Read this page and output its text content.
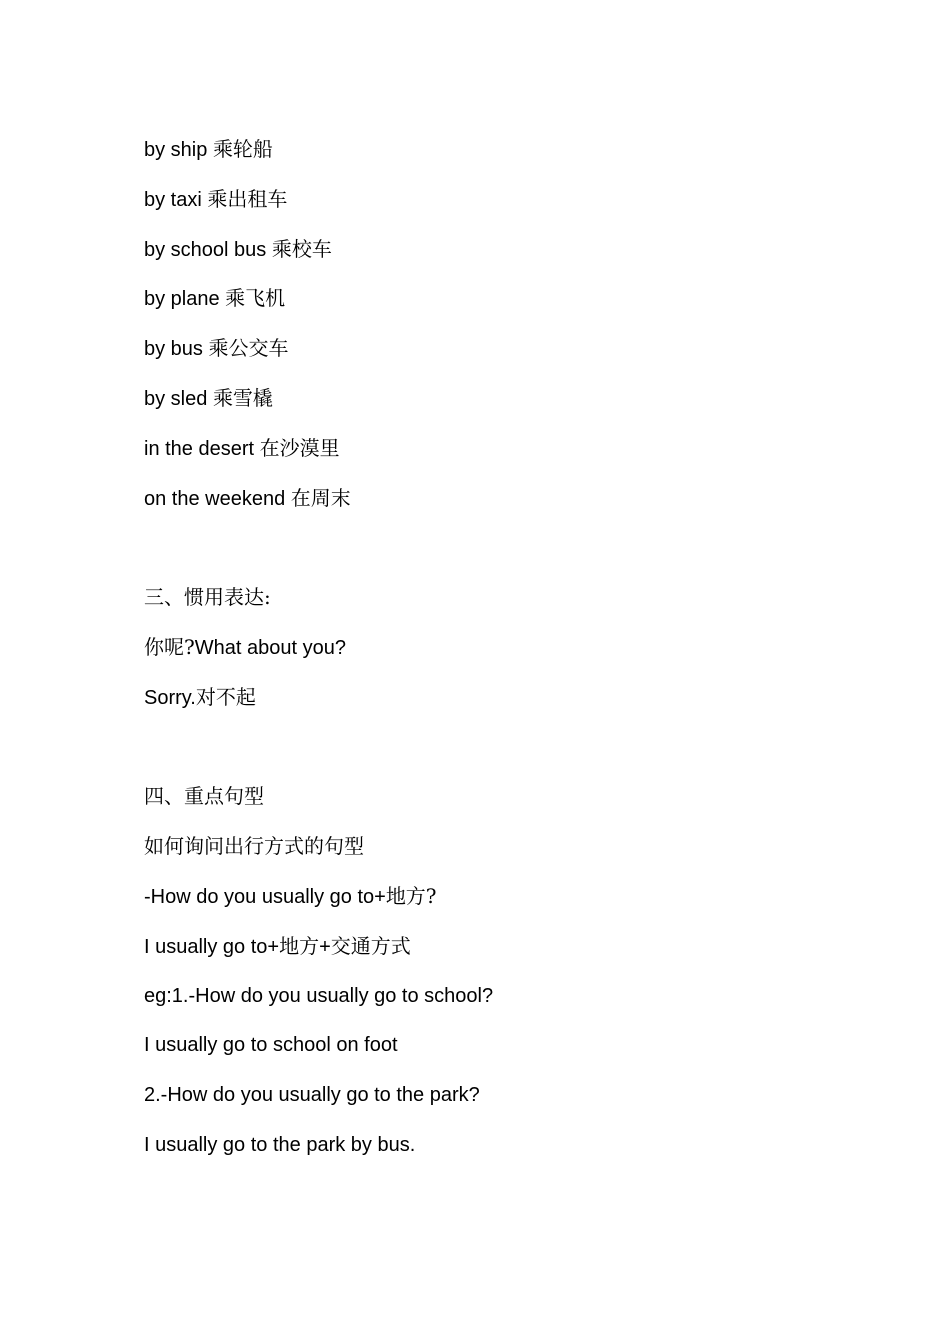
by ship 乘轮船
by taxi 乘出租车
by school bus 乘校车
by plane 乘飞机
by bus 乘公交车
by sled 乘雪橇
in the desert 在沙漠里
on the weekend 在周末
三、惯用表达:
你呢?What about you?
Sorry.对不起
四、重点句型
如何询问出行方式的句型
-How do you usually go to+地方?
I usually go to+地方+交通方式
eg:1.-How do you usually go to school?
I usually go to school on foot
2.-How do you usually go to the park?
I usually go to the park by bus.
